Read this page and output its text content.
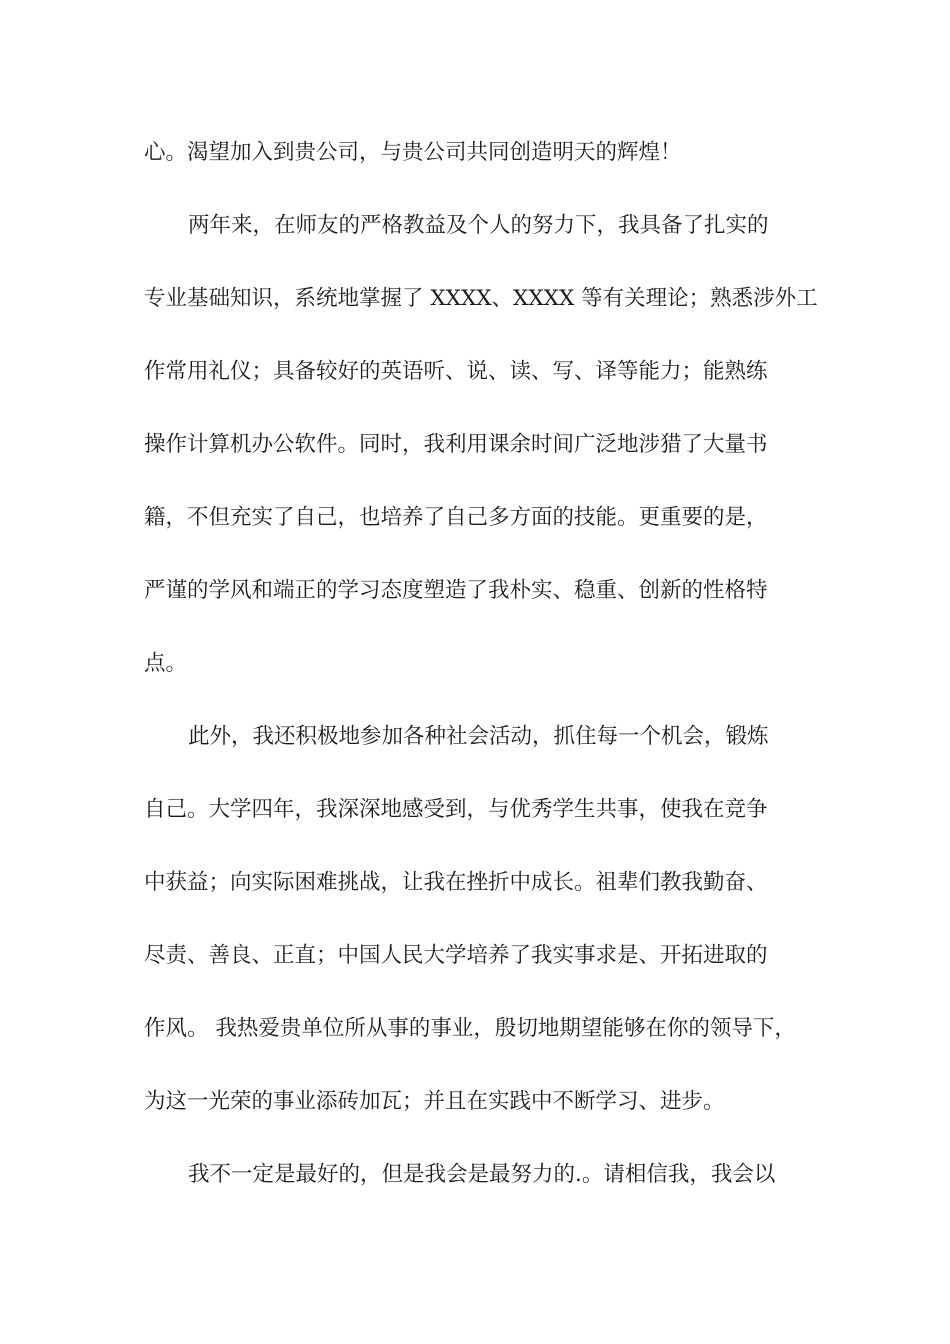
心。渴望加入到贵公司，与贵公司共同创造明天的辉煌！
两年来，在师友的严格教益及个人的努力下，我具备了扎实的
专业基础知识，系统地掌握了 XXXX、XXXX 等有关理论；熟悉涉外工
作常用礼仪；具备较好的英语听、说、读、写、译等能力；能熟练
操作计算机办公软件。同时，我利用课余时间广泛地涉猎了大量书
籍，不但充实了自己，也培养了自己多方面的技能。更重要的是，
严谨的学风和端正的学习态度塑造了我朴实、稳重、创新的性格特
点。
此外，我还积极地参加各种社会活动，抓住每一个机会，锻炼
自己。大学四年，我深深地感受到，与优秀学生共事，使我在竞争
中获益；向实际困难挑战，让我在挫折中成长。祖辈们教我勤奋、
尽责、善良、正直；中国人民大学培养了我实事求是、开拓进取的
作风。 我热爱贵单位所从事的事业，殷切地期望能够在你的领导下，
为这一光荣的事业添砖加瓦；并且在实践中不断学习、进步。
我不一定是最好的，但是我会是最努力的.。请相信我，我会以
